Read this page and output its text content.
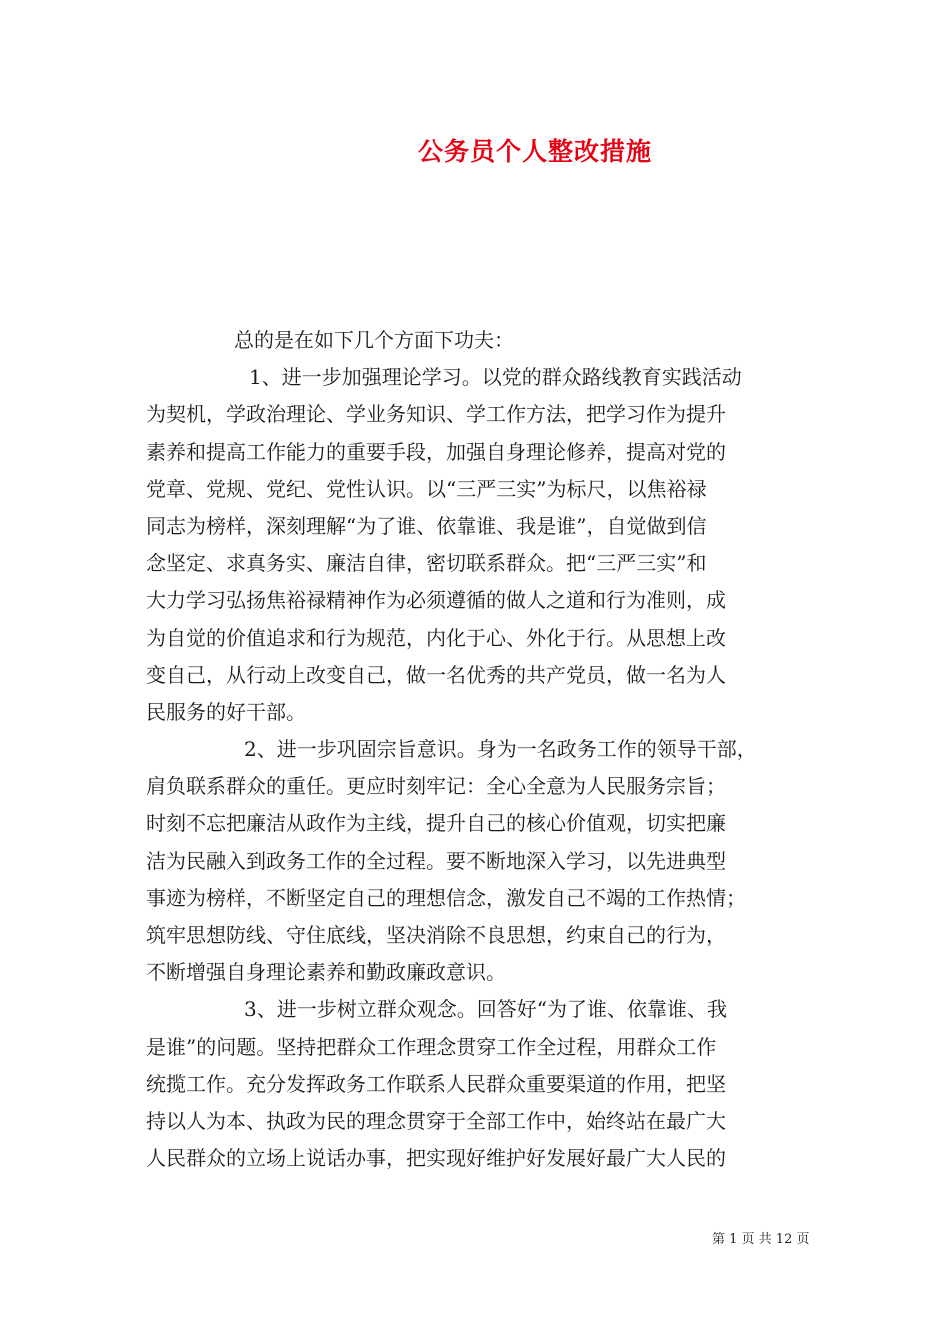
公务员个人整改措施
总的是在如下几个方面下功夫：
1、进一步加强理论学习。以党的群众路线教育实践活动
为契机，学政治理论、学业务知识、学工作方法，把学习作为提升
素养和提高工作能力的重要手段，加强自身理论修养，提高对党的
党章、党规、党纪、党性认识。以“三严三实”为标尺，以焦裕禄
同志为榜样，深刻理解“为了谁、依靠谁、我是谁”，自觉做到信
念坚定、求真务实、廉洁自律，密切联系群众。把“三严三实”和
大力学习弘扬焦裕禄精神作为必须遵循的做人之道和行为准则，成
为自觉的价值追求和行为规范，内化于心、外化于行。从思想上改
变自己，从行动上改变自己，做一名优秀的共产党员，做一名为人
民服务的好干部。
2、进一步巩固宗旨意识。身为一名政务工作的领导干部，
肩负联系群众的重任。更应时刻牢记：全心全意为人民服务宗旨；
时刻不忘把廉洁从政作为主线，提升自己的核心价值观，切实把廉
洁为民融入到政务工作的全过程。要不断地深入学习，以先进典型
事迹为榜样，不断坚定自己的理想信念，激发自己不竭的工作热情；
筑牢思想防线、守住底线，坚决消除不良思想，约束自己的行为，
不断增强自身理论素养和勤政廉政意识。
3、进一步树立群众观念。回答好“为了谁、依靠谁、我
是谁”的问题。坚持把群众工作理念贯穿工作全过程，用群众工作
统揽工作。充分发挥政务工作联系人民群众重要渠道的作用，把坚
持以人为本、执政为民的理念贯穿于全部工作中，始终站在最广大
人民群众的立场上说话办事，把实现好维护好发展好最广大人民的
第 1 页 共 12 页
